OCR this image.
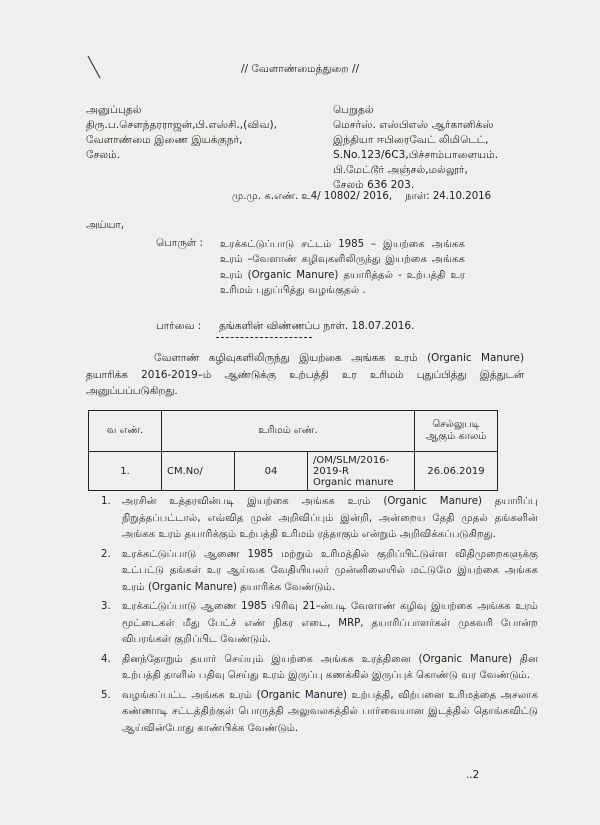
// வேளாண்மைத்துறை //
அனுப்புதல்
திரு.ப.சௌந்தரராஜன்,பி.எஸ்சி.,(விவ),
வேளாண்மை இணை இயக்குநர்,
சேலம்.
பெறுதல்
மெசர்ஸ். எஸ்பிஎஸ் ஆர்கானிக்ஸ்
இந்தியா ஈபிரைவேட் லிமிடெட்,
S.No.123/6C3,பிச்சாம்பாளையம்.
பி.மேட்டூர் அஞ்சல்,மல்லூர்,
சேலம் 636 203.
மு.மு. க.எண். உ4/ 10802/ 2016, நாள்: 24.10.2016
அய்யா,
பொருள் : உரக்கட்டுப்பாடு சட்டம் 1985 – இயற்கை அங்கக உரம் –வேளாண் கழிவுகளிலிருந்து இயற்கை அங்கக உரம் (Organic Manure) தயாரித்தல் - உற்பத்தி உர உரிமம் புதுப்பித்து வழங்குதல் .
பார்வை : தங்களின் விண்ணப்ப நாள். 18.07.2016.
வேளாண் கழிவுகளிலிருந்து இயற்கை அங்கக உரம் (Organic Manure) தயாரிக்க 2016-2019–ம் ஆண்டுக்கு உற்பத்தி உர உரிமம் புதுப்பித்து இத்துடன் அனுப்பப்படுகிறது.
வ எண்.	உரிமம் எண்.			செல்லுபடி ஆகும் காலம்
1.	CM.No/	04	/OM/SLM/2016-2019-R
Organic manure	26.06.2019
1. அரசின் உத்தரவின்படி இயற்கை அங்கக உரம் (Organic Manure) தயாரிப்பு நிறுத்தப்பட்டால், எவ்வித முன் அறிவிப்பும் இன்றி, அன்றைய தேதி முதல் தங்களின் அங்கக உரம் தயாரிக்கும் உற்பத்தி உரிமம் ரத்தாகும் என்றும் அறிவிக்கப்படுகிறது.
2. உரக்கட்டுப்பாடு ஆணை 1985 மற்றும் உரிமத்தில் குறிப்பிட்டுள்ள விதிமுறைகளுக்கு உட்பட்டு தங்கள் உர ஆய்வக வேதியியலர் முன்னிலையில் மட்டுமே இயற்கை அங்கக உரம் (Organic Manure) தயாரிக்க வேண்டும்.
3. உரக்கட்டுப்பாடு ஆணை 1985 பிரிவு 21–ன்படி வேளாண் கழிவு இயற்கை அங்கக உரம் மூட்டைகள் மீது பேட்ச் எண் நிகர எடை, MRP, தயாரிப்பாளர்கள் முகவரி போன்ற விபரங்கள் குறிப்பிட வேண்டும்.
4. தினந்தோறும் தயார் செய்யும் இயற்கை அங்கக உரத்தினை (Organic Manure) தின உற்பத்தி தாளில் பதிவு செய்து உரம் இருப்பு கணக்கில் இருப்புக் கொண்டு வர வேண்டும்.
5. வழங்கப்பட்ட அங்கக உரம் (Organic Manure) உற்பத்தி, விற்பனை உரிமத்தை அசலாக கண்ணாடி சட்டத்திற்குள் பொருத்தி அலுவலகத்தில் பார்வையான இடத்தில் தொங்கவிட்டு ஆய்வின்போது காண்பிக்க வேண்டும்.
..2
